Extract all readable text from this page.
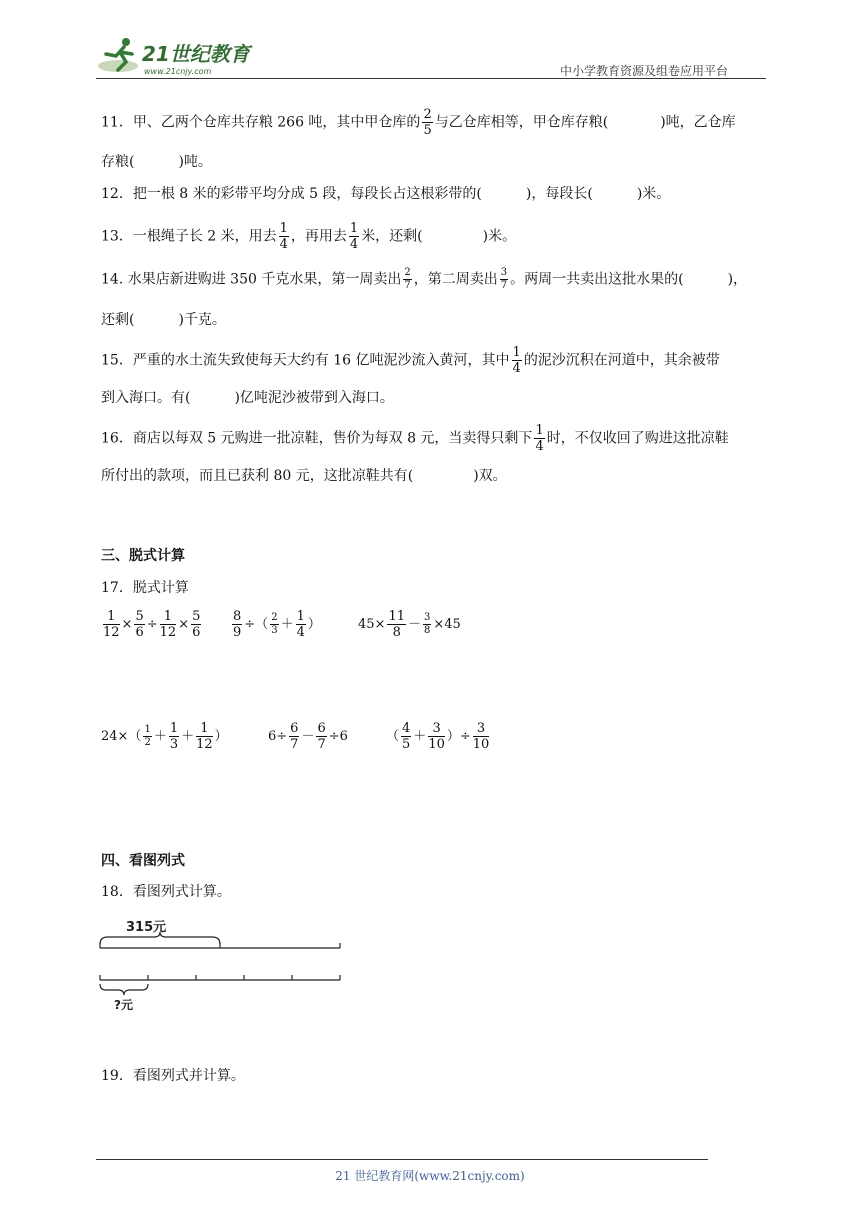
21世纪教育
www.21cnjy.com	中小学教育资源及组卷应用平台
11．甲、乙两个仓库共存粮 266 吨，其中甲仓库的 $\frac{2}{5}$ 与乙仓库相等，甲仓库存粮(	)吨，乙仓库
存粮(	)吨。
12．把一根 8 米的彩带平均分成 5 段，每段长占这根彩带的(	)，每段长(	)米。
13．一根绳子长 2 米，用去 $\frac{1}{4}$ ，再用去 $\frac{1}{4}$ 米，还剩(	)米。
14. 水果店新进购进 350 千克水果，第一周卖出 $\frac{2}{7}$ ，第二周卖出 $\frac{3}{7}$ 。两周一共卖出这批水果的(	)，
还剩(	)千克。
15．严重的水土流失致使每天大约有 16 亿吨泥沙流入黄河，其中 $\frac{1}{4}$ 的泥沙沉积在河道中，其余被带
到入海口。有(	)亿吨泥沙被带到入海口。
16．商店以每双 5 元购进一批凉鞋，售价为每双 8 元，当卖得只剩下 $\frac{1}{4}$ 时，不仅收回了购进这批凉鞋
所付出的款项，而且已获利 80 元，这批凉鞋共有(	)双。
三、脱式计算
17．脱式计算
$\frac{1}{12} \times \frac{5}{6} \div \frac{1}{12} \times \frac{5}{6} \frac{8}{9}$ ÷（ $\frac{2}{3} + \frac{1}{4}$ ）	$45\times \frac{11}{8} - \frac{3}{8} \times 45$
$24\times( \frac{1}{2} + \frac{1}{3} + \frac{1}{12}$ ）	$6\div \frac{6}{7} - \frac{6}{7} \div 6$	（ $\frac{4}{5} + \frac{3}{10}$ ）÷ $\frac{3}{10}$
四、看图列式
18．看图列式计算。
315元
?元
19．看图列式并计算。
21 世纪教育网(www.21cnjy.com)
